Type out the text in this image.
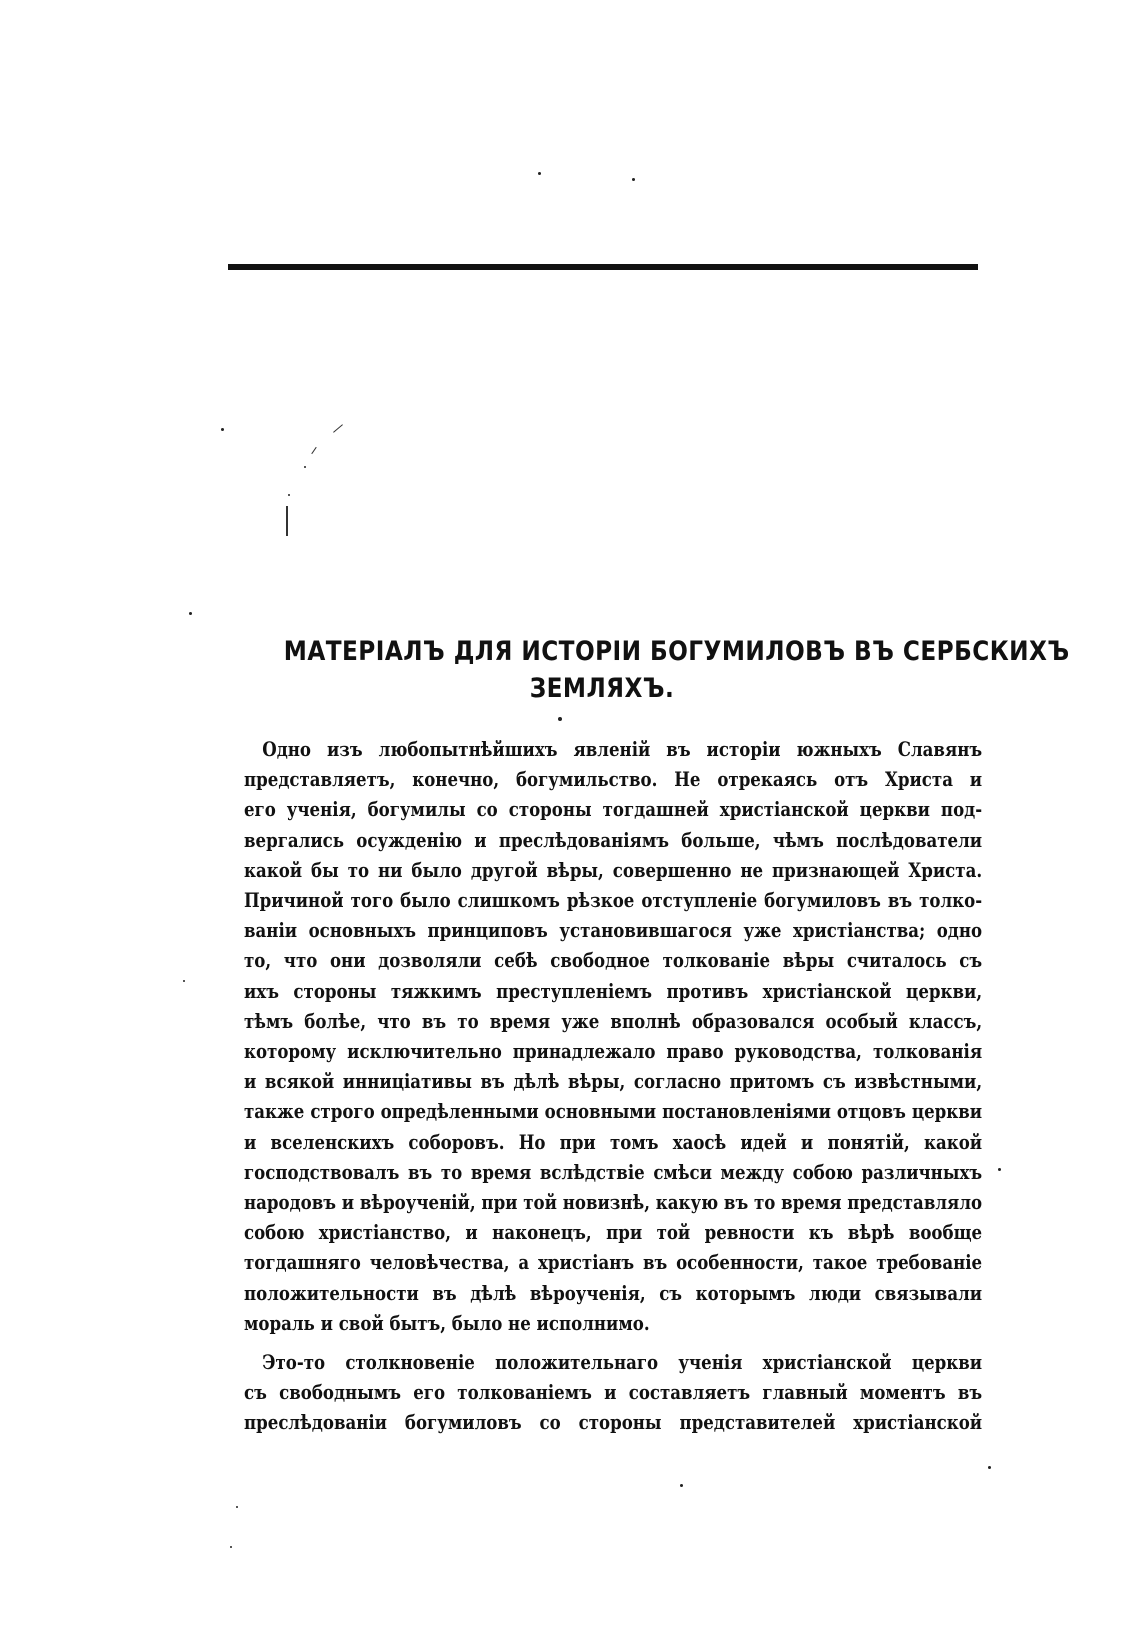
МАТЕРІАЛЪ ДЛЯ ИСТОРІИ БОГУМИЛОВЪ ВЪ СЕРБСКИХЪ
ЗЕМЛЯХЪ.

Одно изъ любопытнѣйшихъ явленій въ исторіи южныхъ Славянъ
представляетъ, конечно, богумильство. Не отрекаясь отъ Христа и
его ученія, богумилы со стороны тогдашней христіанской церкви под-
вергались осужденію и преслѣдованіямъ больше, чѣмъ послѣдователи
какой бы то ни было другой вѣры, совершенно не признающей Христа.
Причиной того было слишкомъ рѣзкое отступленіе богумиловъ въ толко-
ваніи основныхъ принциповъ установившагося уже христіанства; одно
то, что они дозволяли себѣ свободное толкованіе вѣры считалось съ
ихъ стороны тяжкимъ преступленіемъ противъ христіанской церкви,
тѣмъ болѣе, что въ то время уже вполнѣ образовался особый классъ,
которому исключительно принадлежало право руководства, толкованія
и всякой инниціативы въ дѣлѣ вѣры, согласно притомъ съ извѣстными,
также строго опредѣленными основными постановленіями отцовъ церкви
и вселенскихъ соборовъ. Но при томъ хаосѣ идей и понятій, какой
господствовалъ въ то время вслѣдствіе смѣси между собою различныхъ
народовъ и вѣроученій, при той новизнѣ, какую въ то время представляло
собою христіанство, и наконецъ, при той ревности къ вѣрѣ вообще
тогдашняго человѣчества, а христіанъ въ особенности, такое требованіе
положительности въ дѣлѣ вѣроученія, съ которымъ люди связывали
мораль и свой бытъ, было не исполнимо.

Это-то столкновеніе положительнаго ученія христіанской церкви
съ свободнымъ его толкованіемъ и составляетъ главный моментъ въ
преслѣдованіи богумиловъ со стороны представителей христіанской
